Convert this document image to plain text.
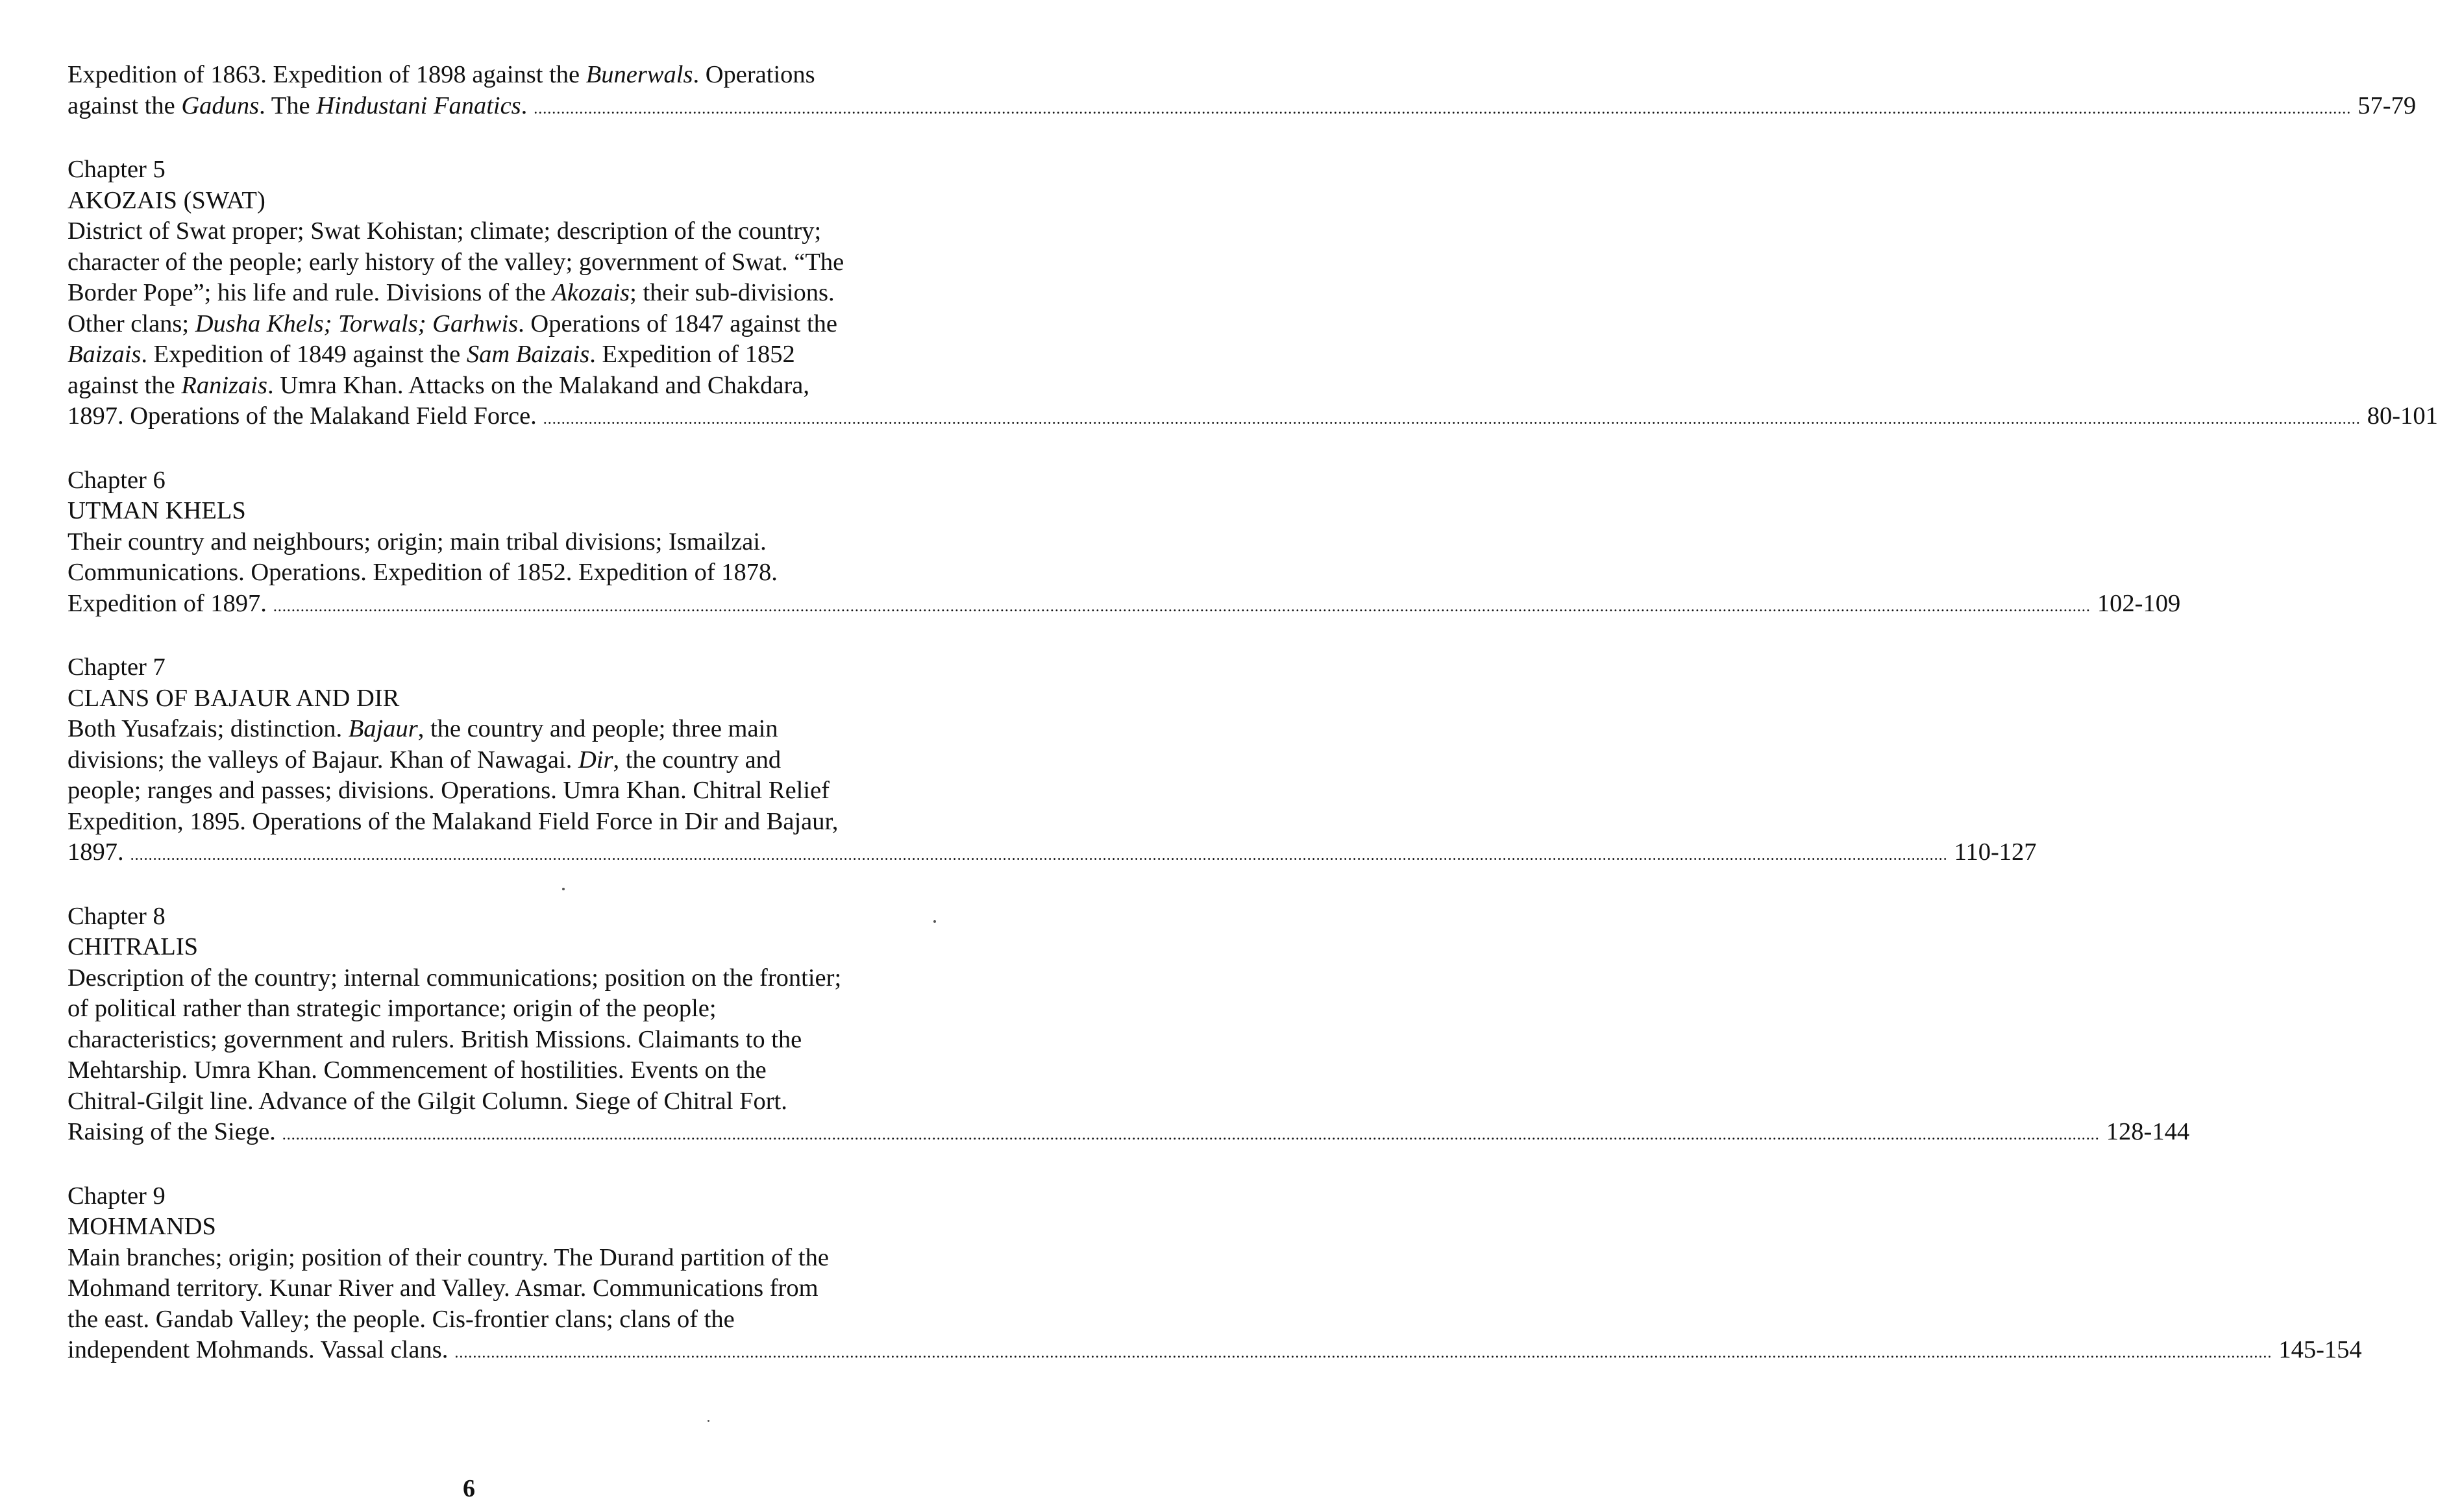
Expedition of 1863. Expedition of 1898 against the Bunerwals. Operations

against the Gaduns. The Hindustani Fanatics. ................................................................................................................................................................................................................................................................................................................................................................................................................ 57-79
Chapter 5
AKOZAIS (SWAT)

District of Swat proper; Swat Kohistan; climate; description of the country;

character of the people; early history of the valley; government of Swat. “The

Border Pope”; his life and rule. Divisions of the Akozais; their sub-divisions.

Other clans; Dusha Khels; Torwals; Garhwis. Operations of 1847 against the

Baizais. Expedition of 1849 against the Sam Baizais. Expedition of 1852

against the Ranizais. Umra Khan. Attacks on the Malakand and Chakdara,

1897. Operations of the Malakand Field Force. ................................................................................................................................................................................................................................................................................................................................................................................................................ 80-101
Chapter 6
UTMAN KHELS

Their country and neighbours; origin; main tribal divisions; Ismailzai.

Communications. Operations. Expedition of 1852. Expedition of 1878.

Expedition of 1897. ................................................................................................................................................................................................................................................................................................................................................................................................................ 102-109
Chapter 7
CLANS OF BAJAUR AND DIR

Both Yusafzais; distinction. Bajaur, the country and people; three main

divisions; the valleys of Bajaur. Khan of Nawagai. Dir, the country and

people; ranges and passes; divisions. Operations. Umra Khan. Chitral Relief

Expedition, 1895. Operations of the Malakand Field Force in Dir and Bajaur,

1897. ................................................................................................................................................................................................................................................................................................................................................................................................................ 110-127
Chapter 8
CHITRALIS

Description of the country; internal communications; position on the frontier;

of political rather than strategic importance; origin of the people;

characteristics; government and rulers. British Missions. Claimants to the

Mehtarship. Umra Khan. Commencement of hostilities. Events on the

Chitral-Gilgit line. Advance of the Gilgit Column. Siege of Chitral Fort.

Raising of the Siege. ................................................................................................................................................................................................................................................................................................................................................................................................................ 128-144
Chapter 9
MOHMANDS

Main branches; origin; position of their country. The Durand partition of the

Mohmand territory. Kunar River and Valley. Asmar. Communications from

the east. Gandab Valley; the people. Cis-frontier clans; clans of the

independent Mohmands. Vassal clans. ................................................................................................................................................................................................................................................................................................................................................................................................................ 145-154
6
